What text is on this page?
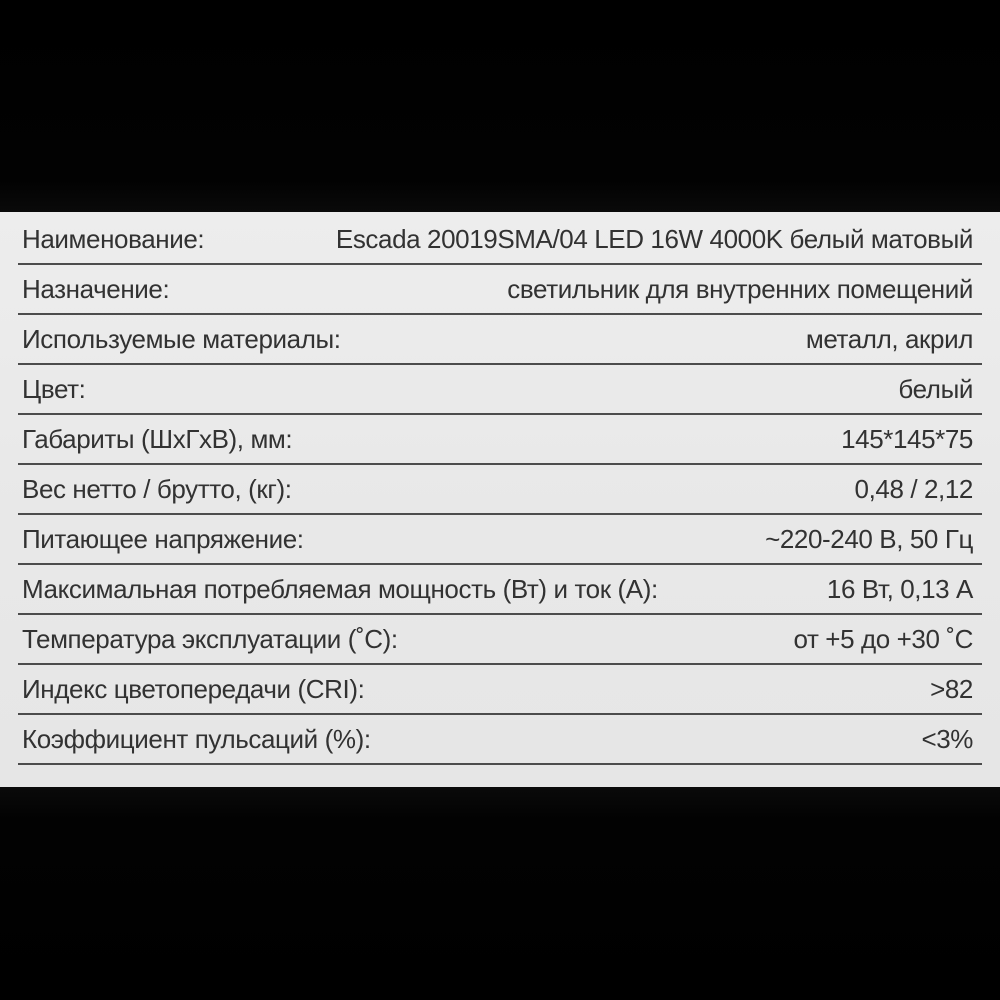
Наименование:	Escada 20019SMA/04 LED 16W 4000K белый матовый
Назначение:	светильник для внутренних помещений
Используемые материалы:	металл, акрил
Цвет:	белый
Габариты (ШхГхВ), мм:	145*145*75
Вес нетто / брутто, (кг):	0,48 / 2,12
Питающее напряжение:	~220-240 В, 50 Гц
Максимальная потребляемая мощность (Вт) и ток (А):	16 Вт, 0,13 А
Температура эксплуатации (˚С):	от +5 до +30 ˚С
Индекс цветопередачи (CRI):	>82
Коэффициент пульсаций (%):	<3%
